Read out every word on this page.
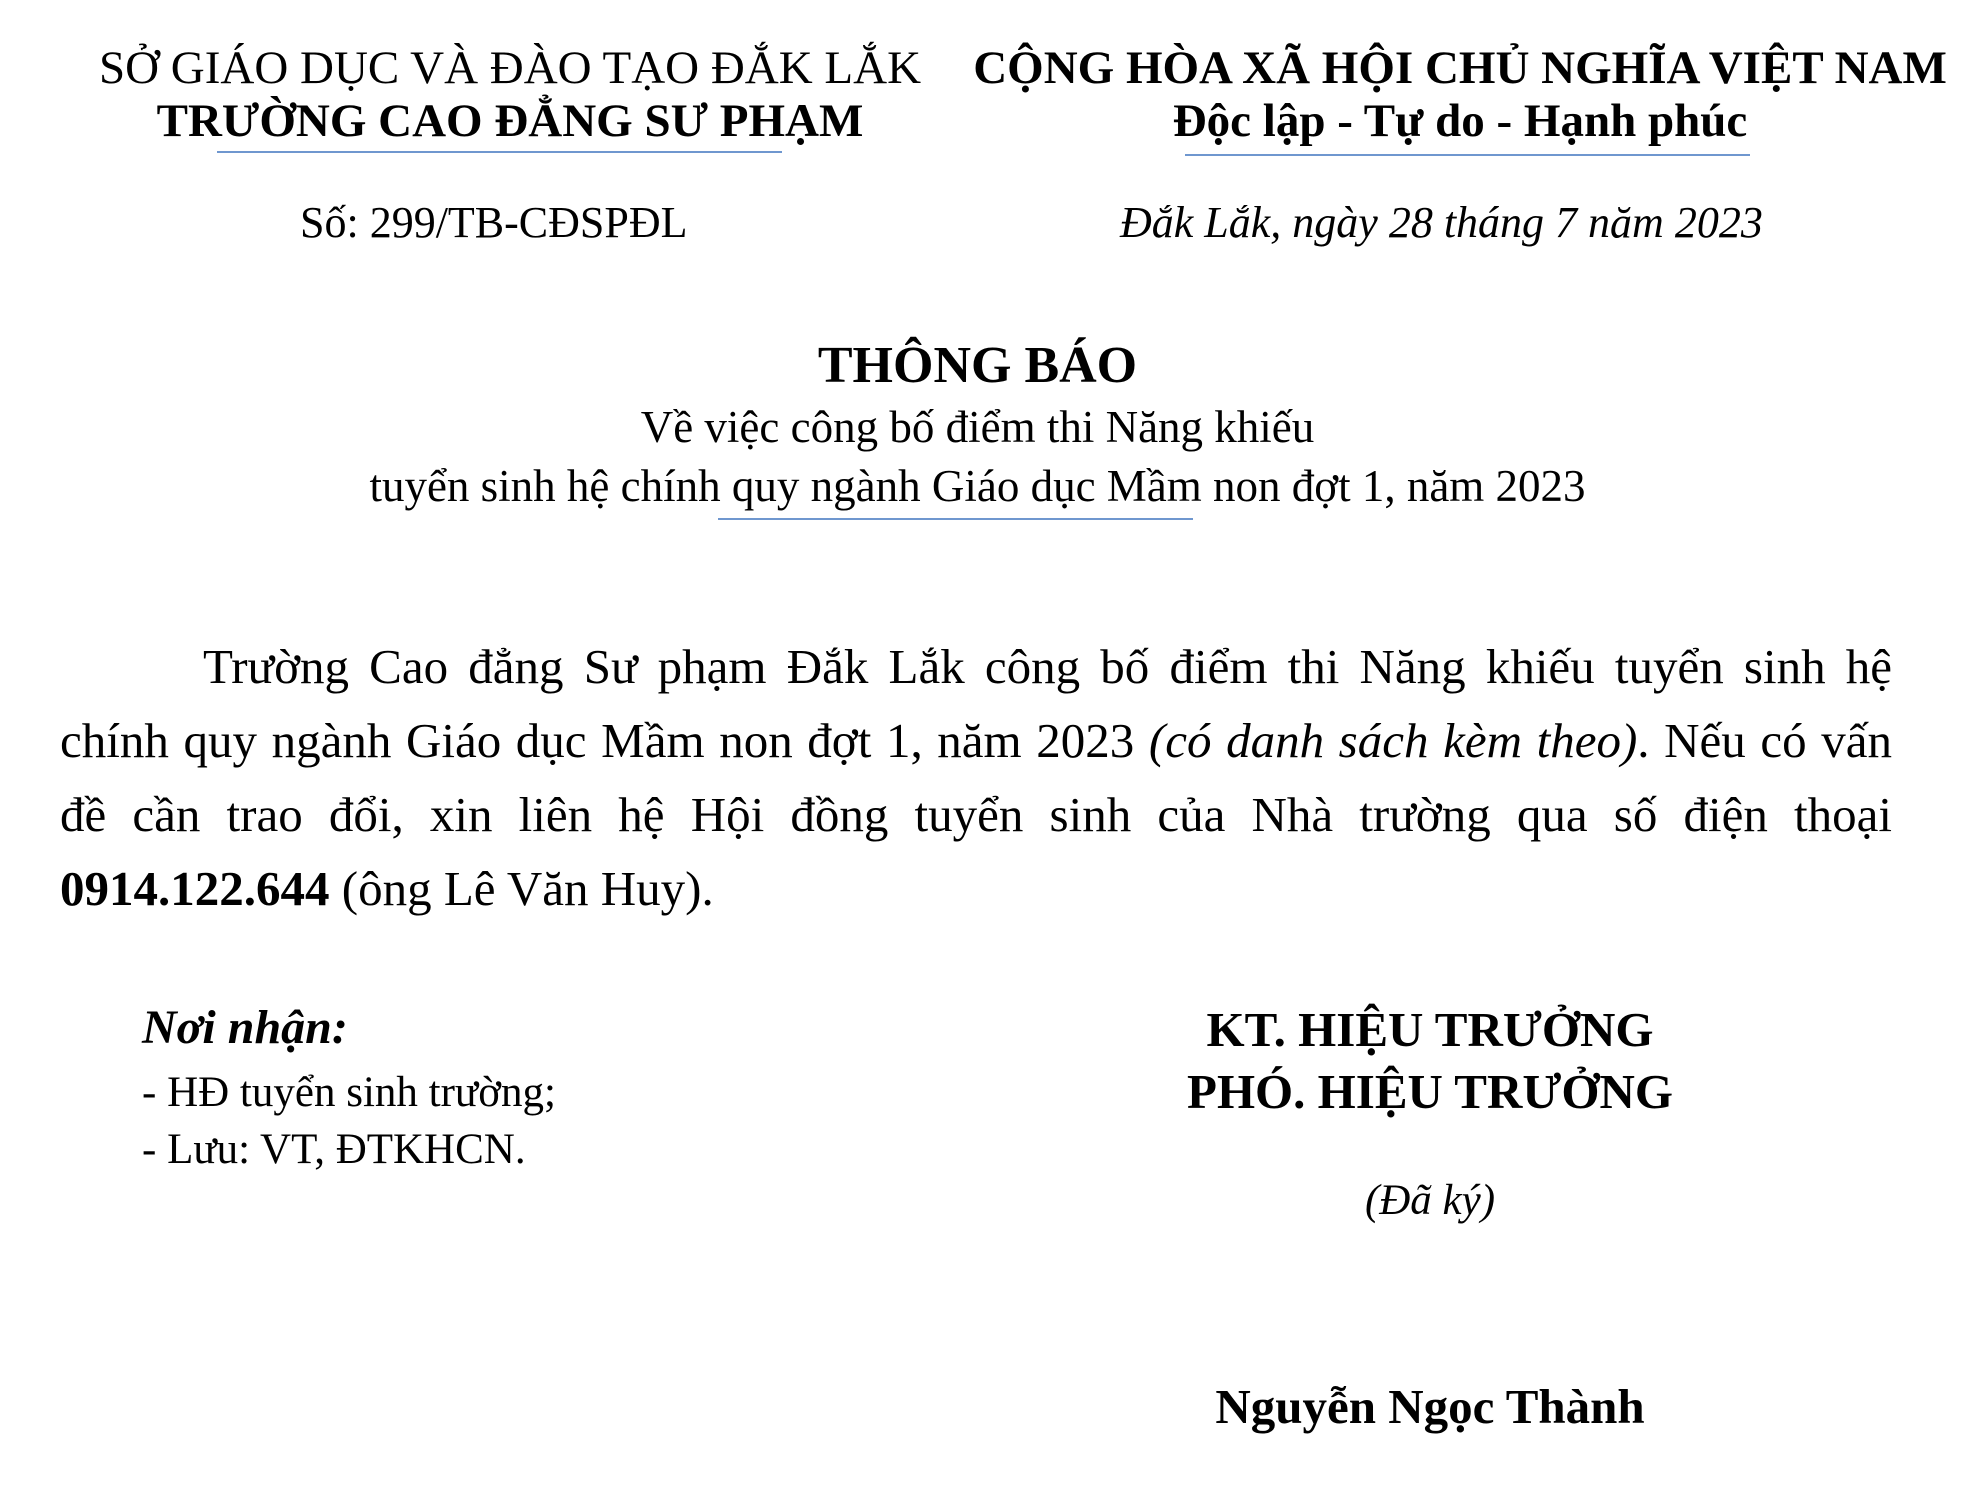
SỞ GIÁO DỤC VÀ ĐÀO TẠO ĐẮK LẮK
TRƯỜNG CAO ĐẲNG SƯ PHẠM
CỘNG HÒA XÃ HỘI CHỦ NGHĨA VIỆT NAM
Độc lập - Tự do - Hạnh phúc
Số: 299/TB-CĐSPĐL	Đắk Lắk, ngày 28 tháng 7 năm 2023
THÔNG BÁO
Về việc công bố điểm thi Năng khiếu
tuyển sinh hệ chính quy ngành Giáo dục Mầm non đợt 1, năm 2023
Trường Cao đẳng Sư phạm Đắk Lắk công bố điểm thi Năng khiếu tuyển sinh hệ chính quy ngành Giáo dục Mầm non đợt 1, năm 2023 (có danh sách kèm theo). Nếu có vấn đề cần trao đổi, xin liên hệ Hội đồng tuyển sinh của Nhà trường qua số điện thoại 0914.122.644 (ông Lê Văn Huy).
Nơi nhận:
- HĐ tuyển sinh trường;
- Lưu: VT, ĐTKHCN.
KT. HIỆU TRƯỞNG
PHÓ. HIỆU TRƯỞNG
(Đã ký)
Nguyễn Ngọc Thành
